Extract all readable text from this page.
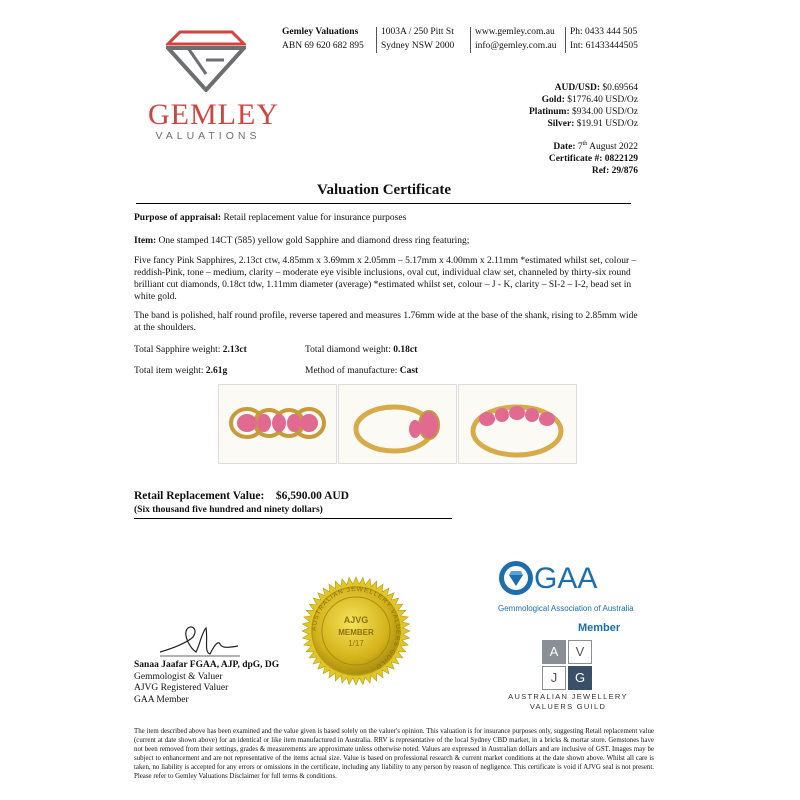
GEMLEY
VALUATIONS
Gemley Valuations
ABN 69 620 682 895
1003A / 250 Pitt St
Sydney NSW 2000
www.gemley.com.au
info@gemley.com.au
Ph: 0433 444 505
Int: 61433444505
AUD/USD: $0.69564
Gold: $1776.40 USD/Oz
Platinum: $934.00 USD/Oz
Silver: $19.91 USD/Oz
Date: 7th August 2022
Certificate #: 0822129
Ref: 29/876
Valuation Certificate
Purpose of appraisal: Retail replacement value for insurance purposes
Item: One stamped 14CT (585) yellow gold Sapphire and diamond dress ring featuring;
Five fancy Pink Sapphires, 2.13ct ctw, 4.85mm x 3.69mm x 2.05mm – 5.17mm x 4.00mm x 2.11mm *estimated whilst set, colour – reddish-Pink, tone – medium, clarity – moderate eye visible inclusions, oval cut, individual claw set, channeled by thirty-six round brilliant cut diamonds, 0.18ct tdw, 1.11mm diameter (average) *estimated whilst set, colour – J - K, clarity – SI-2 – I-2, bead set in white gold.
The band is polished, half round profile, reverse tapered and measures 1.76mm wide at the base of the shank, rising to 2.85mm wide at the shoulders.
Total Sapphire weight: 2.13ct	Total diamond weight: 0.18ct
Total item weight: 2.61g	Method of manufacture: Cast
Retail Replacement Value: $6,590.00 AUD
(Six thousand five hundred and ninety dollars)
AUSTRALIAN JEWELLERY VALUERS GUILD
AJVG
MEMBER
1/17
Sanaa Jaafar FGAA, AJP, dpG, DG
Gemmologist & Valuer
AJVG Registered Valuer
GAA Member
GAA
Gemmological Association of Australia
Member
A	V
J	G
AUSTRALIAN JEWELLERY
VALUERS GUILD
The item described above has been examined and the value given is based solely on the valuer's opinion. This valuation is for insurance purposes only, suggesting Retail replacement value (current at date shown above) for an identical or like item manufactured in Australia. RRV is representative of the local Sydney CBD market, in a bricks & mortar store. Gemstones have not been removed from their settings, grades & measurements are approximate unless otherwise noted. Values are expressed in Australian dollars and are inclusive of GST. Images may be subject to enhancement and are not representative of the items actual size. Value is based on professional research & current market conditions at the date shown above. Whilst all care is taken, no liability is accepted for any errors or omissions in the certificate, including any liability to any person by reason of negligence. This certificate is void if AJVG seal is not present. Please refer to Gemley Valuations Disclaimer for full terms & conditions.
